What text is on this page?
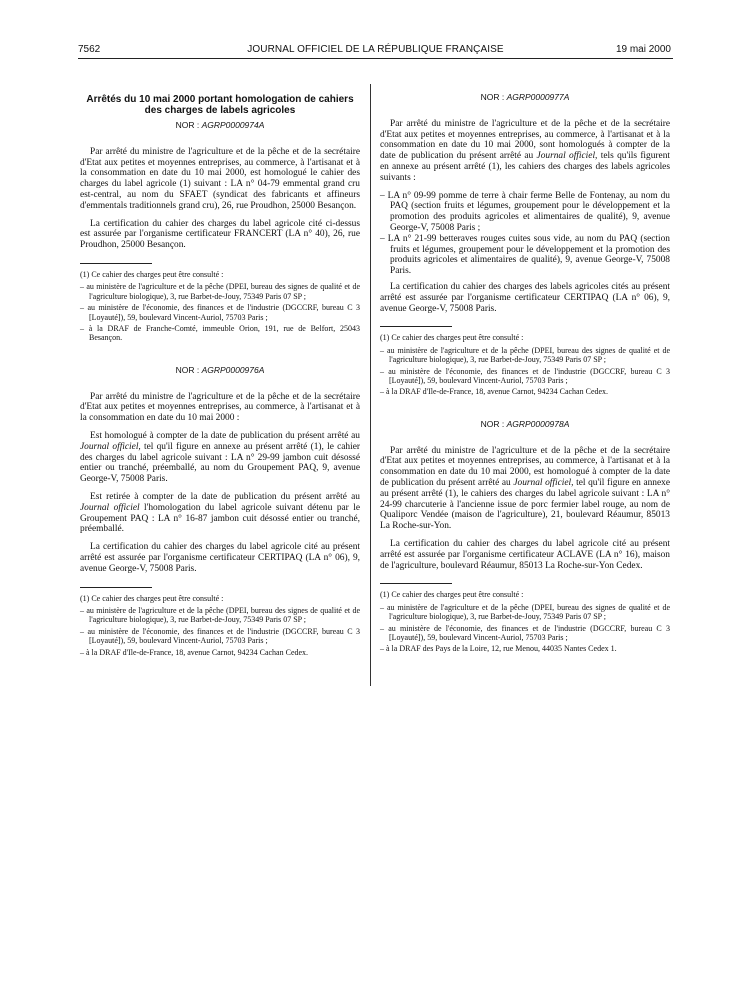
7562	JOURNAL OFFICIEL DE LA RÉPUBLIQUE FRANÇAISE	19 mai 2000
Arrêtés du 10 mai 2000 portant homologation de cahiers des charges de labels agricoles
NOR : AGRP0000974A

Par arrêté du ministre de l'agriculture et de la pêche et de la secrétaire d'Etat aux petites et moyennes entreprises, au commerce, à l'artisanat et à la consommation en date du 10 mai 2000, est homologué le cahier des charges du label agricole (1) suivant : LA n° 04-79 emmental grand cru est-central, au nom du SFAET (syndicat des fabricants et affineurs d'emmentals traditionnels grand cru), 26, rue Proudhon, 25000 Besançon.

La certification du cahier des charges du label agricole cité ci-dessus est assurée par l'organisme certificateur FRANCERT (LA n° 40), 26, rue Proudhon, 25000 Besançon.

(1) Ce cahier des charges peut être consulté :
– au ministère de l'agriculture et de la pêche (DPEI, bureau des signes de qualité et de l'agriculture biologique), 3, rue Barbet-de-Jouy, 75349 Paris 07 SP ;
– au ministère de l'économie, des finances et de l'industrie (DGCCRF, bureau C 3 [Loyauté]), 59, boulevard Vincent-Auriol, 75703 Paris ;
– à la DRAF de Franche-Comté, immeuble Orion, 191, rue de Belfort, 25043 Besançon.
NOR : AGRP0000976A

Par arrêté du ministre de l'agriculture et de la pêche et de la secrétaire d'Etat aux petites et moyennes entreprises, au commerce, à l'artisanat et à la consommation en date du 10 mai 2000 :

Est homologué à compter de la date de publication du présent arrêté au Journal officiel, tel qu'il figure en annexe au présent arrêté (1), le cahier des charges du label agricole suivant : LA n° 29-99 jambon cuit désossé entier ou tranché, préemballé, au nom du Groupement PAQ, 9, avenue George-V, 75008 Paris.

Est retirée à compter de la date de publication du présent arrêté au Journal officiel l'homologation du label agricole suivant détenu par le Groupement PAQ : LA n° 16-87 jambon cuit désossé entier ou tranché, préemballé.

La certification du cahier des charges du label agricole cité au présent arrêté est assurée par l'organisme certificateur CERTIPAQ (LA n° 06), 9, avenue George-V, 75008 Paris.

(1) Ce cahier des charges peut être consulté :
– au ministère de l'agriculture et de la pêche (DPEI, bureau des signes de qualité et de l'agriculture biologique), 3, rue Barbet-de-Jouy, 75349 Paris 07 SP ;
– au ministère de l'économie, des finances et de l'industrie (DGCCRF, bureau C 3 [Loyauté]), 59, boulevard Vincent-Auriol, 75703 Paris ;
– à la DRAF d'Ile-de-France, 18, avenue Carnot, 94234 Cachan Cedex.
NOR : AGRP0000977A

Par arrêté du ministre de l'agriculture et de la pêche et de la secrétaire d'Etat aux petites et moyennes entreprises, au commerce, à l'artisanat et à la consommation en date du 10 mai 2000, sont homologués à compter de la date de publication du présent arrêté au Journal officiel, tels qu'ils figurent en annexe au présent arrêté (1), les cahiers des charges des labels agricoles suivants :

– LA n° 09-99 pomme de terre à chair ferme Belle de Fontenay, au nom du PAQ (section fruits et légumes, groupement pour le développement et la promotion des produits agricoles et alimentaires de qualité), 9, avenue George-V, 75008 Paris ;
– LA n° 21-99 betteraves rouges cuites sous vide, au nom du PAQ (section fruits et légumes, groupement pour le développement et la promotion des produits agricoles et alimentaires de qualité), 9, avenue George-V, 75008 Paris.

La certification du cahier des charges des labels agricoles cités au présent arrêté est assurée par l'organisme certificateur CERTIPAQ (LA n° 06), 9, avenue George-V, 75008 Paris.

(1) Ce cahier des charges peut être consulté :
– au ministère de l'agriculture et de la pêche (DPEI, bureau des signes de qualité et de l'agriculture biologique), 3, rue Barbet-de-Jouy, 75349 Paris 07 SP ;
– au ministère de l'économie, des finances et de l'industrie (DGCCRF, bureau C 3 [Loyauté]), 59, boulevard Vincent-Auriol, 75703 Paris ;
– à la DRAF d'Ile-de-France, 18, avenue Carnot, 94234 Cachan Cedex.
NOR : AGRP0000978A

Par arrêté du ministre de l'agriculture et de la pêche et de la secrétaire d'Etat aux petites et moyennes entreprises, au commerce, à l'artisanat et à la consommation en date du 10 mai 2000, est homologué à compter de la date de publication du présent arrêté au Journal officiel, tel qu'il figure en annexe au présent arrêté (1), le cahiers des charges du label agricole suivant : LA n° 24-99 charcuterie à l'ancienne issue de porc fermier label rouge, au nom de Qualiporc Vendée (maison de l'agriculture), 21, boulevard Réaumur, 85013 La Roche-sur-Yon.

La certification du cahier des charges du label agricole cité au présent arrêté est assurée par l'organisme certificateur ACLAVE (LA n° 16), maison de l'agriculture, boulevard Réaumur, 85013 La Roche-sur-Yon Cedex.

(1) Ce cahier des charges peut être consulté :
– au ministère de l'agriculture et de la pêche (DPEI, bureau des signes de qualité et de l'agriculture biologique), 3, rue Barbet-de-Jouy, 75349 Paris 07 SP ;
– au ministère de l'économie, des finances et de l'industrie (DGCCRF, bureau C 3 [Loyauté]), 59, boulevard Vincent-Auriol, 75703 Paris ;
– à la DRAF des Pays de la Loire, 12, rue Menou, 44035 Nantes Cedex 1.
